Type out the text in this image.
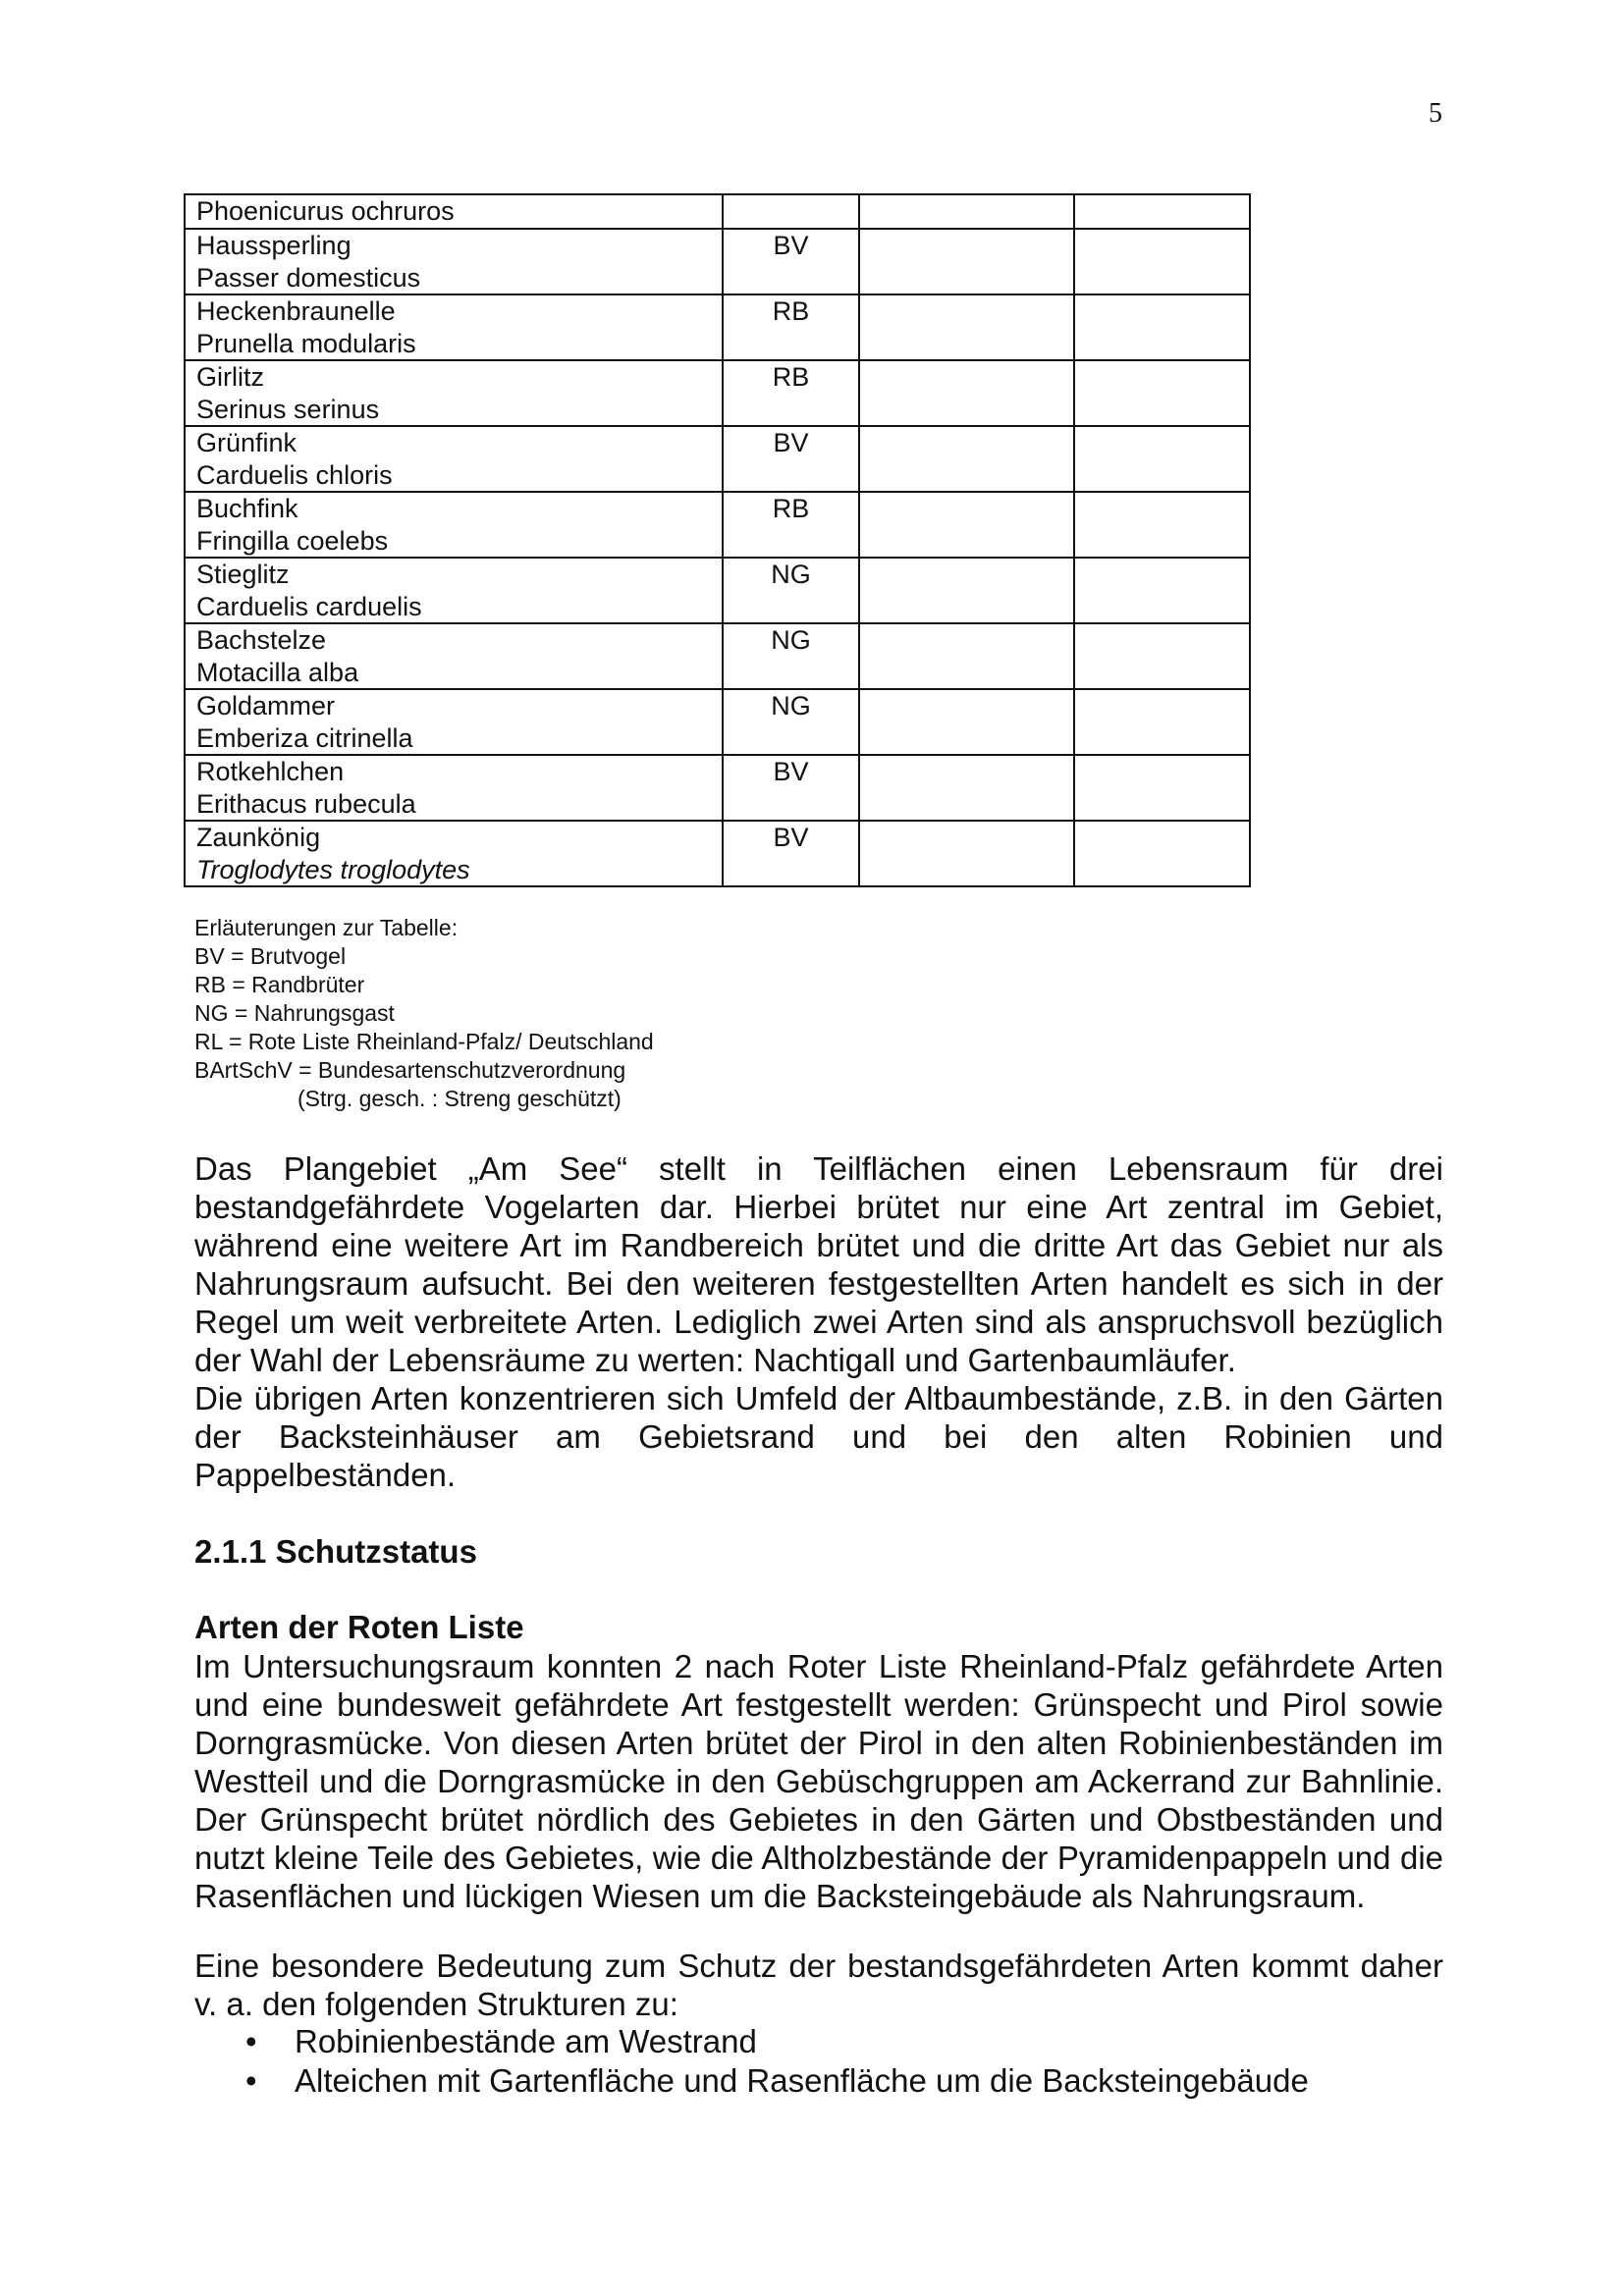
5
Phoenicurus ochruros			

Haussperling
Passer domesticus	BV		

Heckenbraunelle
Prunella modularis	RB		

Girlitz
Serinus serinus	RB		

Grünfink
Carduelis chloris	BV		

Buchfink
Fringilla coelebs	RB		

Stieglitz
Carduelis carduelis	NG		

Bachstelze
Motacilla alba	NG		

Goldammer
Emberiza citrinella	NG		

Rotkehlchen
Erithacus rubecula	BV		

Zaunkönig
Troglodytes troglodytes	BV		
Erläuterungen zur Tabelle:
BV = Brutvogel
RB = Randbrüter
NG = Nahrungsgast
RL = Rote Liste Rheinland-Pfalz/ Deutschland
BArtSchV = Bundesartenschutzverordnung
(Strg. gesch. : Streng geschützt)
Das Plangebiet „Am See“ stellt in Teilflächen einen Lebensraum für drei bestandgefährdete Vogelarten dar. Hierbei brütet nur eine Art zentral im Gebiet, während eine weitere Art im Randbereich brütet und die dritte Art das Gebiet nur als Nahrungsraum aufsucht. Bei den weiteren festgestellten Arten handelt es sich in der Regel um weit verbreitete Arten. Lediglich zwei Arten sind als anspruchsvoll bezüglich der Wahl der Lebensräume zu werten: Nachtigall und Gartenbaumläufer.
Die übrigen Arten konzentrieren sich Umfeld der Altbaumbestände, z.B. in den Gärten der Backsteinhäuser am Gebietsrand und bei den alten Robinien und Pappelbeständen.
2.1.1 Schutzstatus
Arten der Roten Liste
Im Untersuchungsraum konnten 2 nach Roter Liste Rheinland-Pfalz gefährdete Arten und eine bundesweit gefährdete Art festgestellt werden: Grünspecht und Pirol sowie Dorngrasmücke. Von diesen Arten brütet der Pirol in den alten Robinienbeständen im Westteil und die Dorngrasmücke in den Gebüschgruppen am Ackerrand zur Bahnlinie. Der Grünspecht brütet nördlich des Gebietes in den Gärten und Obstbeständen und nutzt kleine Teile des Gebietes, wie die Altholzbestände der Pyramidenpappeln und die Rasenflächen und lückigen Wiesen um die Backsteingebäude als Nahrungsraum.
Eine besondere Bedeutung zum Schutz der bestandsgefährdeten Arten kommt daher v. a. den folgenden Strukturen zu:
• Robinienbestände am Westrand
• Alteichen mit Gartenfläche und Rasenfläche um die Backsteingebäude
